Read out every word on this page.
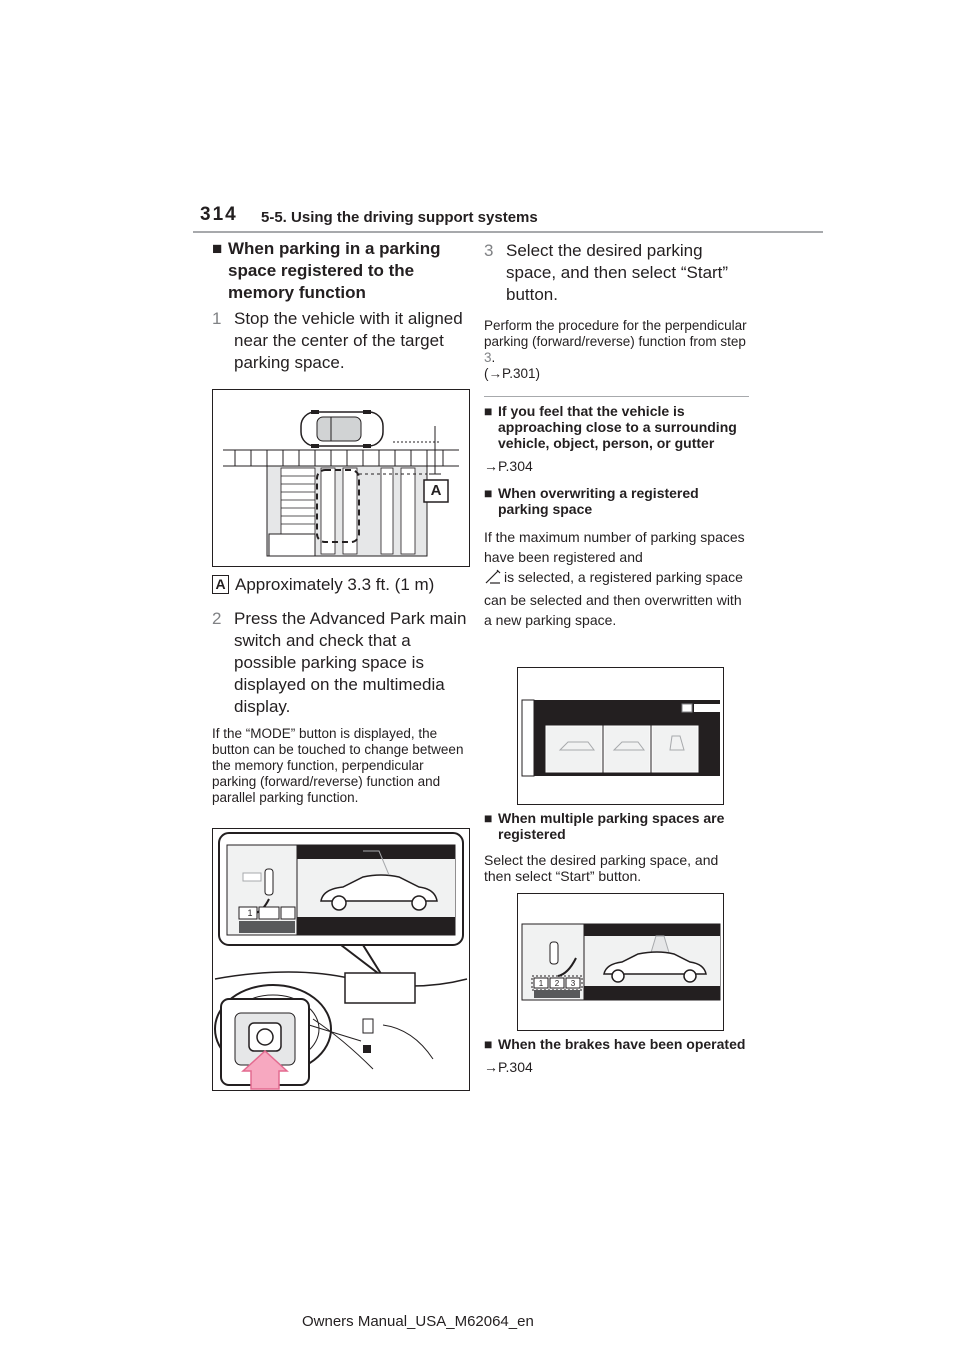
314 5-5. Using the driving support systems
■ When parking in a parking space registered to the memory function
1 Stop the vehicle with it aligned near the center of the target parking space.
A
A Approximately 3.3 ft. (1 m)
2 Press the Advanced Park main switch and check that a possible parking space is displayed on the multimedia display.
If the “MODE” button is displayed, the button can be touched to change between the memory function, perpendicular parking (forward/reverse) function and parallel parking function.
1
3 Select the desired parking space, and then select “Start” button.
Perform the procedure for the perpendicular parking (forward/reverse) function from step 3.
(→P.301)
■ If you feel that the vehicle is approaching close to a surrounding vehicle, object, person, or gutter
→P.304
■ When overwriting a registered parking space
If the maximum number of parking spaces have been registered and
is selected, a registered parking space can be selected and then overwritten with a new parking space.
■ When multiple parking spaces are registered
Select the desired parking space, and then select “Start” button.
1	2	3
■ When the brakes have been operated
→P.304
Owners Manual_USA_M62064_en
